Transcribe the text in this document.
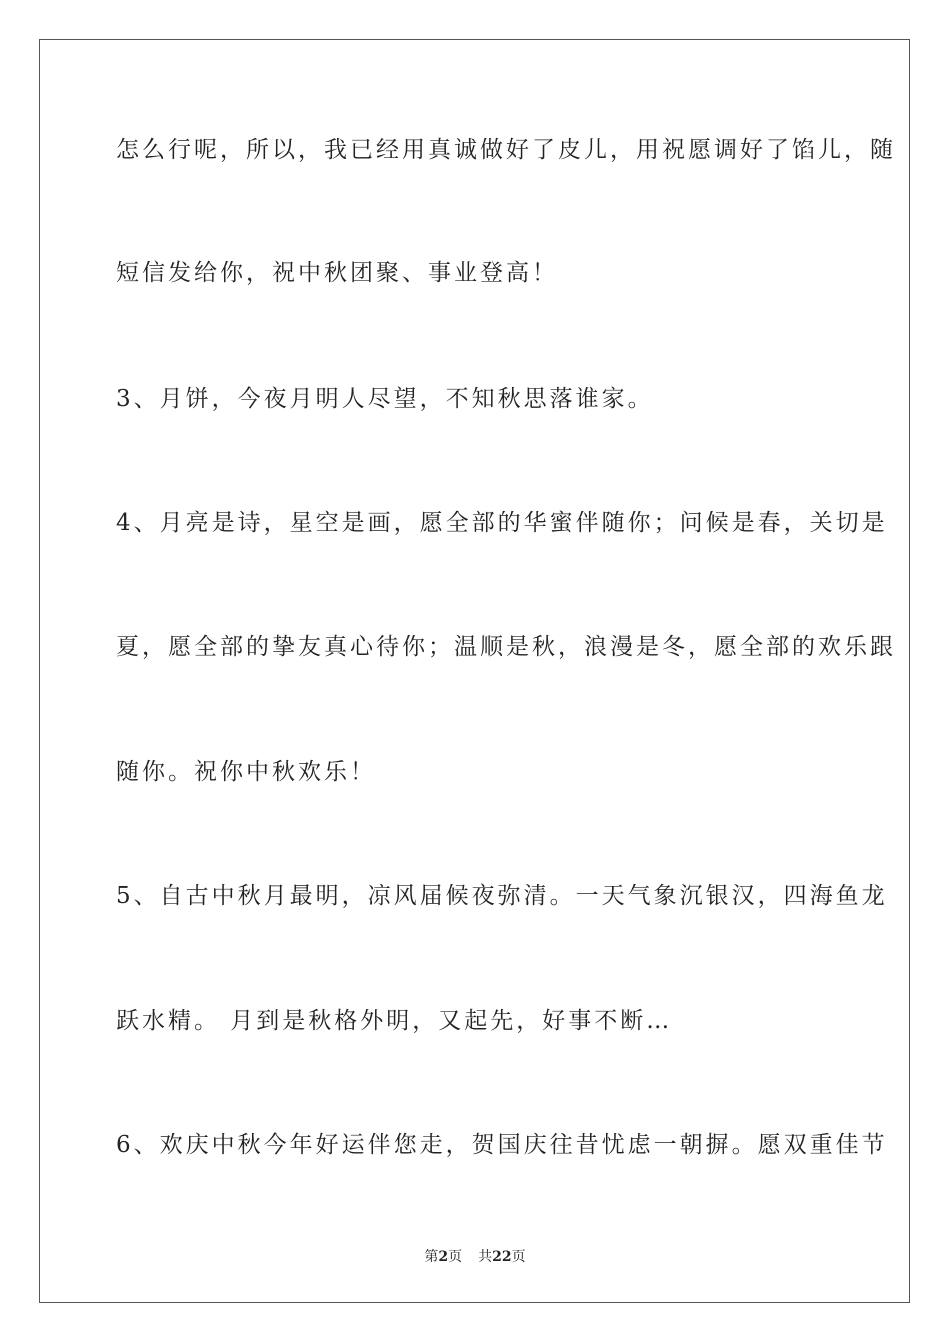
怎么行呢，所以，我已经用真诚做好了皮儿，用祝愿调好了馅儿，随
短信发给你，祝中秋团聚、事业登高！
3、月饼，今夜月明人尽望，不知秋思落谁家。
4、月亮是诗，星空是画，愿全部的华蜜伴随你；问候是春，关切是
夏，愿全部的挚友真心待你；温顺是秋，浪漫是冬，愿全部的欢乐跟
随你。祝你中秋欢乐！
5、自古中秋月最明，凉风届候夜弥清。一天气象沉银汉，四海鱼龙
跃水精。 月到是秋格外明，又起先，好事不断…
6、欢庆中秋今年好运伴您走，贺国庆往昔忧虑一朝摒。愿双重佳节
第2页 共22页
